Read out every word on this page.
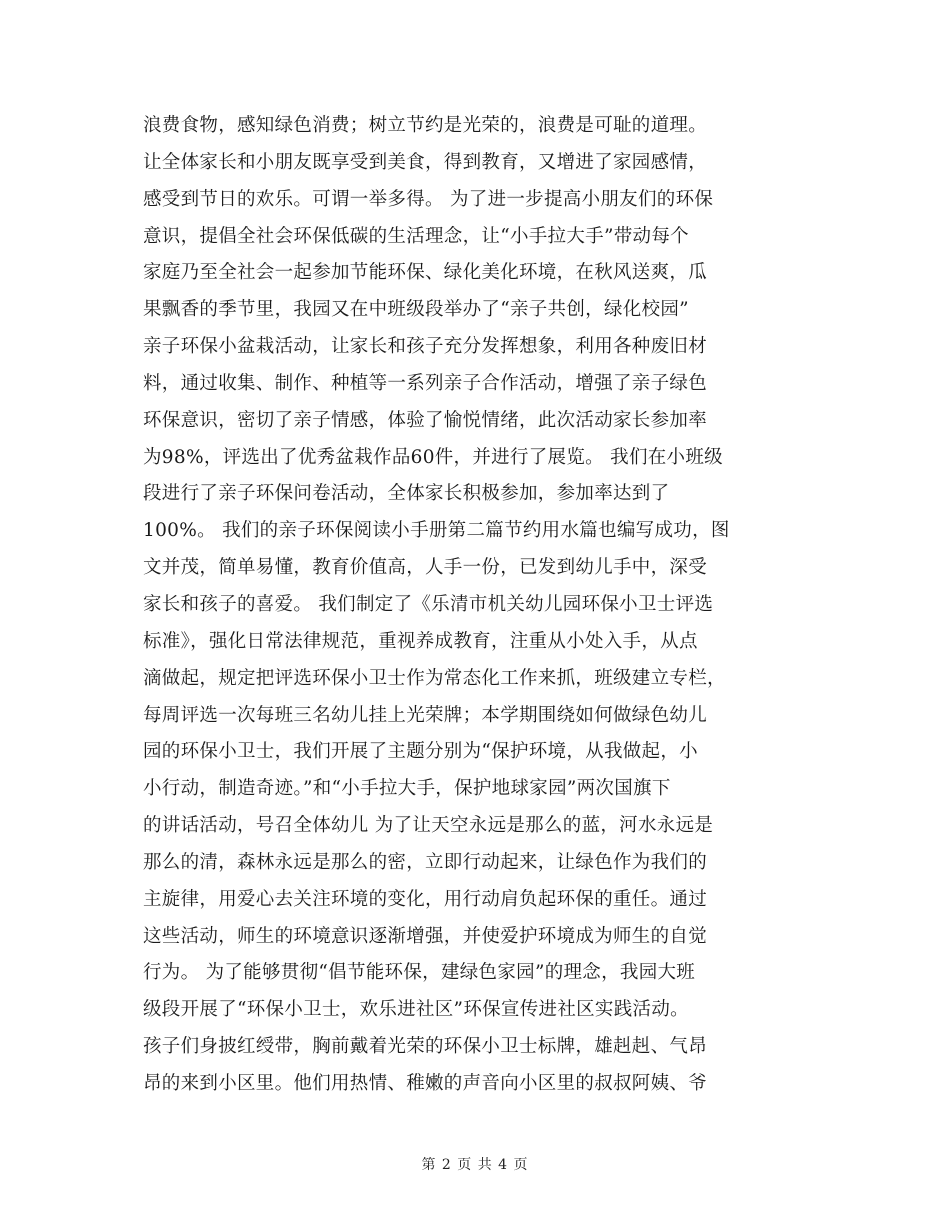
浪费食物，感知绿色消费；树立节约是光荣的，浪费是可耻的道理。
让全体家长和小朋友既享受到美食，得到教育，又增进了家园感情，
感受到节日的欢乐。可谓一举多得。 为了进一步提高小朋友们的环保
意识，提倡全社会环保低碳的生活理念，让“小手拉大手”带动每个
家庭乃至全社会一起参加节能环保、绿化美化环境，在秋风送爽，瓜
果飘香的季节里，我园又在中班级段举办了“亲子共创，绿化校园”
亲子环保小盆栽活动，让家长和孩子充分发挥想象，利用各种废旧材
料，通过收集、制作、种植等一系列亲子合作活动，增强了亲子绿色
环保意识，密切了亲子情感，体验了愉悦情绪，此次活动家长参加率
为98%，评选出了优秀盆栽作品60件，并进行了展览。 我们在小班级
段进行了亲子环保问卷活动，全体家长积极参加，参加率达到了
100%。 我们的亲子环保阅读小手册第二篇节约用水篇也编写成功，图
文并茂，简单易懂，教育价值高，人手一份，已发到幼儿手中，深受
家长和孩子的喜爱。 我们制定了《乐清市机关幼儿园环保小卫士评选
标准》，强化日常法律规范，重视养成教育，注重从小处入手，从点
滴做起，规定把评选环保小卫士作为常态化工作来抓，班级建立专栏，
每周评选一次每班三名幼儿挂上光荣牌；本学期围绕如何做绿色幼儿
园的环保小卫士，我们开展了主题分别为“保护环境，从我做起，小
小行动，制造奇迹。”和“小手拉大手，保护地球家园”两次国旗下
的讲话活动，号召全体幼儿 为了让天空永远是那么的蓝，河水永远是
那么的清，森林永远是那么的密，立即行动起来，让绿色作为我们的
主旋律，用爱心去关注环境的变化，用行动肩负起环保的重任。通过
这些活动，师生的环境意识逐渐增强，并使爱护环境成为师生的自觉
行为。 为了能够贯彻“倡节能环保，建绿色家园”的理念，我园大班
级段开展了“环保小卫士，欢乐进社区”环保宣传进社区实践活动。
孩子们身披红绶带，胸前戴着光荣的环保小卫士标牌，雄赳赳、气昂
昂的来到小区里。他们用热情、稚嫩的声音向小区里的叔叔阿姨、爷
第 2 页 共 4 页
